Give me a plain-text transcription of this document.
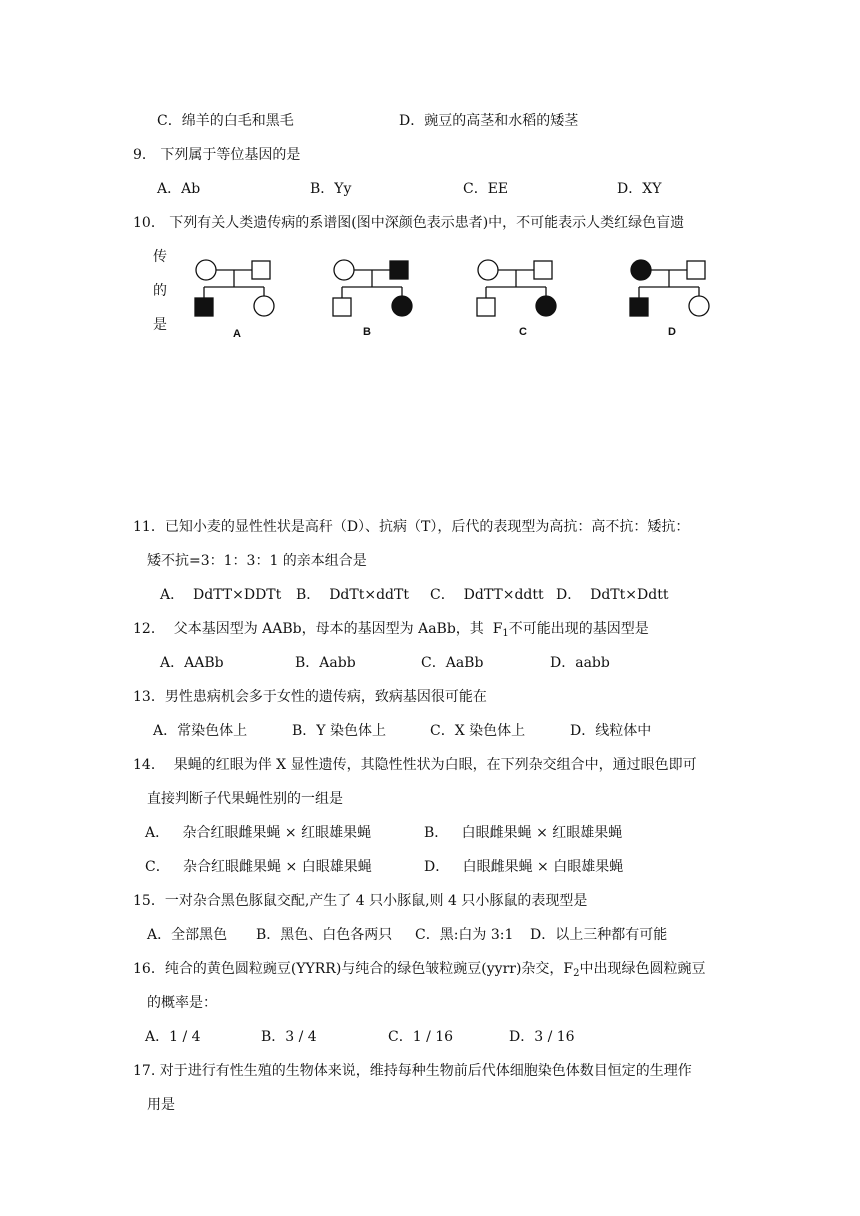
C．绵羊的白毛和黑毛	D．豌豆的高茎和水稻的矮茎
9． 下列属于等位基因的是
A．Ab	B．Yy	C．EE	D．XY
10． 下列有关人类遗传病的系谱图(图中深颜色表示患者)中，不可能表示人类红绿色盲遗
传
的
是
A	B	C	D
11．已知小麦的显性性状是高秆（D）、抗病（T），后代的表现型为高抗：高不抗：矮抗：
矮不抗=3：1：3：1 的亲本组合是
A．  DdTT×DDTt B．  DdTt×ddTt C．  DdTT×ddtt D．  DdTt×Ddtt
12．  父本基因型为 AABb，母本的基因型为 AaBb，其  $F_1$不可能出现的基因型是
A．AABb	B．Aabb	C．AaBb	D．aabb
13．男性患病机会多于女性的遗传病，致病基因很可能在
A．常染色体上	B．Y 染色体上	C．X 染色体上	D．线粒体中
14．  果蝇的红眼为伴 X 显性遗传，其隐性性状为白眼，在下列杂交组合中，通过眼色即可
直接判断子代果蝇性别的一组是
A．   杂合红眼雌果蝇 × 红眼雄果蝇	B．   白眼雌果蝇 × 红眼雄果蝇
C．   杂合红眼雌果蝇 × 白眼雄果蝇	D．   白眼雌果蝇 × 白眼雄果蝇
15．一对杂合黑色豚鼠交配,产生了 4 只小豚鼠,则 4 只小豚鼠的表现型是
A．全部黑色 B．黑色、白色各两只 C．黑:白为 3:1 D．以上三种都有可能
16．纯合的黄色圆粒豌豆(YYRR)与纯合的绿色皱粒豌豆(yyrr)杂交，$F_2$中出现绿色圆粒豌豆
的概率是：
A．1 / 4	B．3 / 4	C．1 / 16	D．3 / 16
17. 对于进行有性生殖的生物体来说，维持每种生物前后代体细胞染色体数目恒定的生理作
用是
